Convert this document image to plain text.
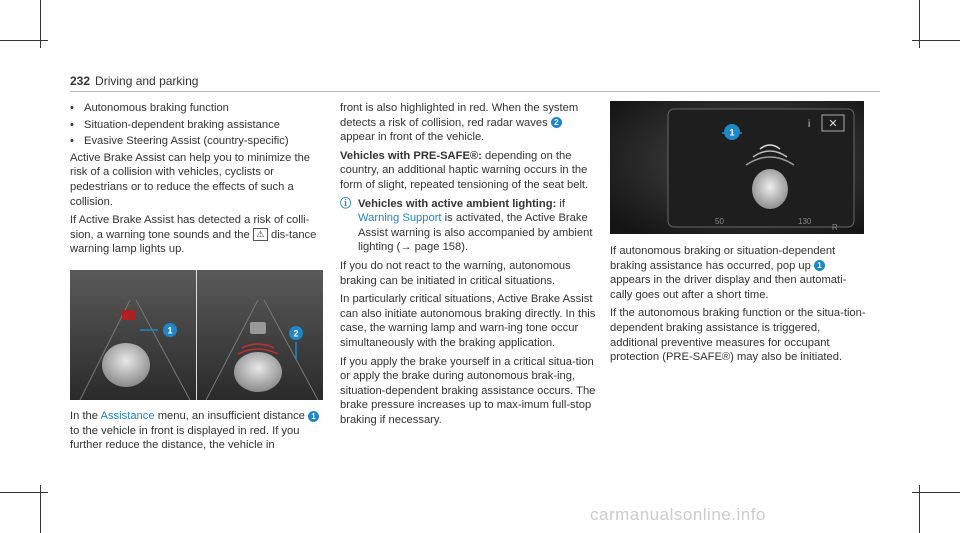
232 Driving and parking
• Autonomous braking function
• Situation-dependent braking assistance
• Evasive Steering Assist (country-specific)

Active Brake Assist can help you to minimize the risk of a collision with vehicles, cyclists or pedestrians or to reduce the effects of such a collision.

If Active Brake Assist has detected a risk of colli-sion, a warning tone sounds and the ⚠ dis-tance warning lamp lights up.

1	2

In the Assistance menu, an insufficient distance 1 to the vehicle in front is displayed in red. If you further reduce the distance, the vehicle in

front is also highlighted in red. When the system detects a risk of collision, red radar waves 2 appear in front of the vehicle.

Vehicles with PRE-SAFE®: depending on the country, an additional haptic warning occurs in the form of slight, repeated tensioning of the seat belt.

ⓘ Vehicles with active ambient lighting: if Warning Support is activated, the Active Brake Assist warning is also accompanied by ambient lighting (→ page 158).

If you do not react to the warning, autonomous braking can be initiated in critical situations.

In particularly critical situations, Active Brake Assist can also initiate autonomous braking directly. In this case, the warning lamp and warn-ing tone occur simultaneously with the braking application.

If you apply the brake yourself in a critical situa-tion or apply the brake during autonomous brak-ing, situation-dependent braking assistance occurs. The brake pressure increases up to max-imum full-stop braking if necessary.

i ✕
1
50	130
R

If autonomous braking or situation-dependent braking assistance has occurred, pop up 1 appears in the driver display and then automati-cally goes out after a short time.

If the autonomous braking function or the situa-tion-dependent braking assistance is triggered, additional preventive measures for occupant protection (PRE-SAFE®) may also be initiated.

carmanualsonline.info
